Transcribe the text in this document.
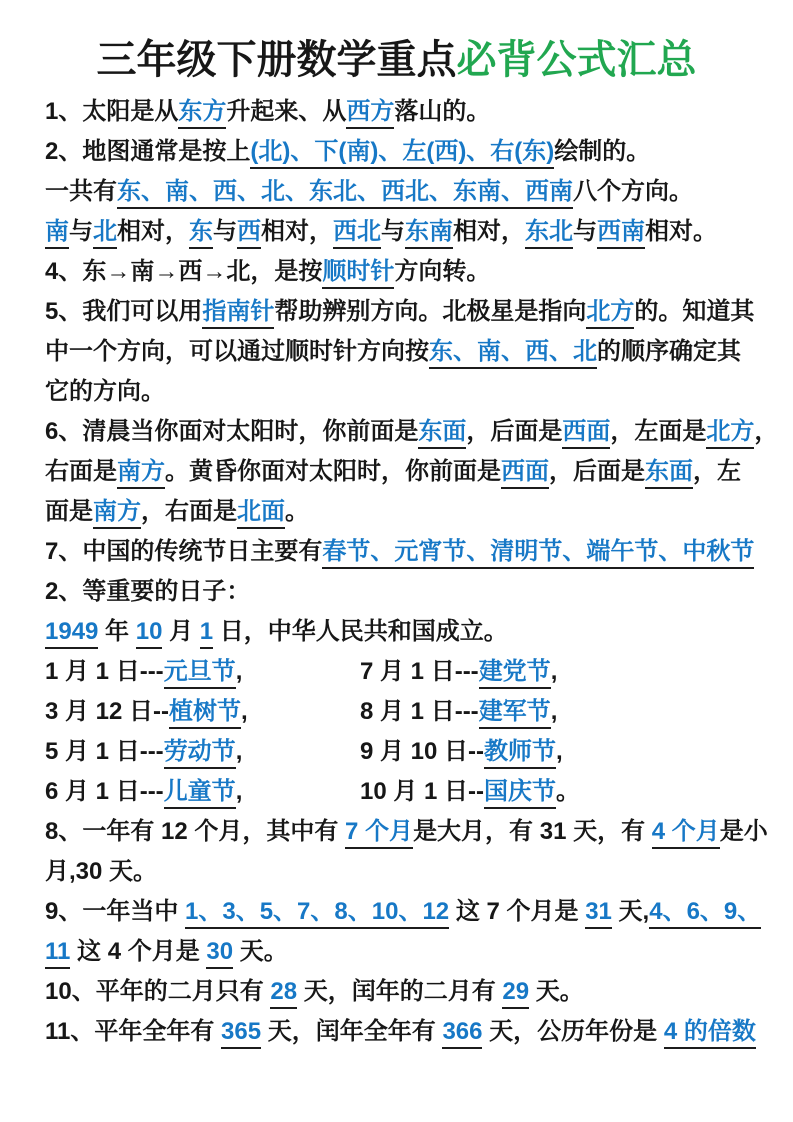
三年级下册数学重点必背公式汇总
1、太阳是从东方升起来、从西方落山的。
2、地图通常是按上(北)、下(南)、左(西)、右(东)绘制的。
一共有东、南、西、北、东北、西北、东南、西南八个方向。
南与北相对，东与西相对，西北与东南相对，东北与西南相对。
4、东→南→西→北，是按顺时针方向转。
5、我们可以用指南针帮助辨别方向。北极星是指向北方的。知道其
中一个方向，可以通过顺时针方向按东、南、西、北的顺序确定其
它的方向。
6、清晨当你面对太阳时，你前面是东面，后面是西面，左面是北方，
右面是南方。黄昏你面对太阳时，你前面是西面，后面是东面，左
面是南方，右面是北面。
7、中国的传统节日主要有春节、元宵节、清明节、端午节、中秋节
2、等重要的日子：
1949 年 10 月 1 日，中华人民共和国成立。
1 月 1 日---元旦节,	7 月 1 日---建党节,
3 月 12 日--植树节,	8 月 1 日---建军节,
5 月 1 日---劳动节,	9 月 10 日--教师节,
6 月 1 日---儿童节,	10 月 1 日--国庆节。
8、一年有 12 个月，其中有 7 个月是大月，有 31 天，有 4 个月是小
月,30 天。
9、一年当中 1、3、5、7、8、10、12 这 7 个月是 31 天,4、6、9、
11 这 4 个月是 30 天。
10、平年的二月只有 28 天，闰年的二月有 29 天。
11、平年全年有 365 天，闰年全年有 366 天，公历年份是 4 的倍数
